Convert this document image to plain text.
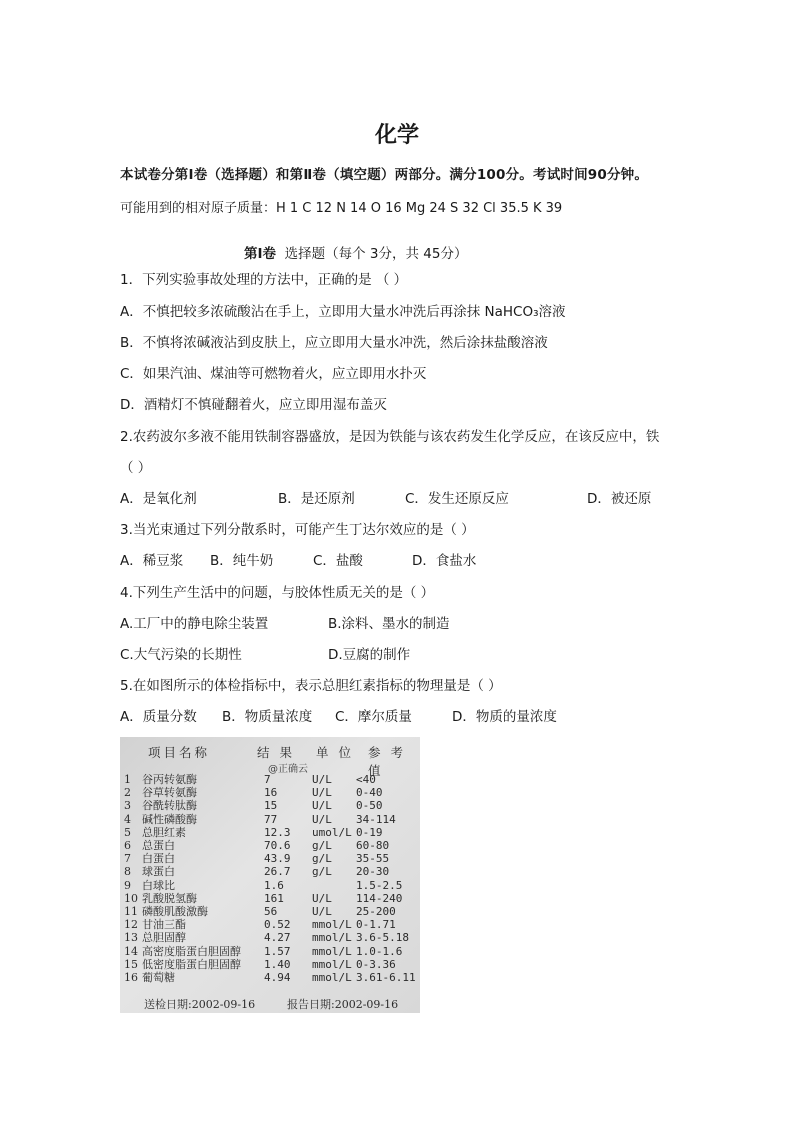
化学
本试卷分第Ⅰ卷（选择题）和第Ⅱ卷（填空题）两部分。满分100分。考试时间90分钟。
可能用到的相对原子质量：H 1 C 12 N 14 O 16 Mg 24 S 32 Cl 35.5 K 39
第Ⅰ卷 选择题（每个 3分，共 45分）
1．下列实验事故处理的方法中，正确的是 （ ）
A．不慎把较多浓硫酸沾在手上，立即用大量水冲洗后再涂抹 NaHCO₃溶液
B．不慎将浓碱液沾到皮肤上，应立即用大量水冲洗，然后涂抹盐酸溶液
C．如果汽油、煤油等可燃物着火，应立即用水扑灭
D．酒精灯不慎碰翻着火，应立即用湿布盖灭
2.农药波尔多液不能用铁制容器盛放，是因为铁能与该农药发生化学反应，在该反应中，铁
（ ）
A．是氧化剂	B．是还原剂	C．发生还原反应	D．被还原
3.当光束通过下列分散系时，可能产生丁达尔效应的是（ ）
A．稀豆浆 B．纯牛奶	C．盐酸	D．食盐水
4.下列生产生活中的问题，与胶体性质无关的是（ ）
A.工厂中的静电除尘装置	B.涂料、墨水的制造
C.大气污染的长期性	D.豆腐的制作
5.在如图所示的体检指标中，表示总胆红素指标的物理量是（ ）
A．质量分数 B．物质量浓度 C．摩尔质量	D．物质的量浓度
项目名称	结 果 单 位 参 考 值
@正确云
1 谷丙转氨酶	7	U/L <40
2 谷草转氨酶	16	U/L 0-40
3 谷酰转肽酶	15	U/L 0-50
4 碱性磷酸酶	77	U/L 34-114
5 总胆红素	12.3 umol/L 0-19
6 总蛋白	70.6 g/L 60-80
7 白蛋白	43.9 g/L 35-55
8 球蛋白	26.7 g/L 20-30
9 白球比	1.6	1.5-2.5
10 乳酸脱氢酶	161	U/L 114-240
11 磷酸肌酸激酶	56	U/L 25-200
12 甘油三酯	0.52 mmol/L 0-1.71
13 总胆固醇	4.27 mmol/L 3.6-5.18
14 高密度脂蛋白胆固醇 1.57 mmol/L 1.0-1.6
15 低密度脂蛋白胆固醇 1.40 mmol/L 0-3.36
16 葡萄糖	4.94 mmol/L 3.61-6.11
送检日期:2002-09-16	报告日期:2002-09-16
